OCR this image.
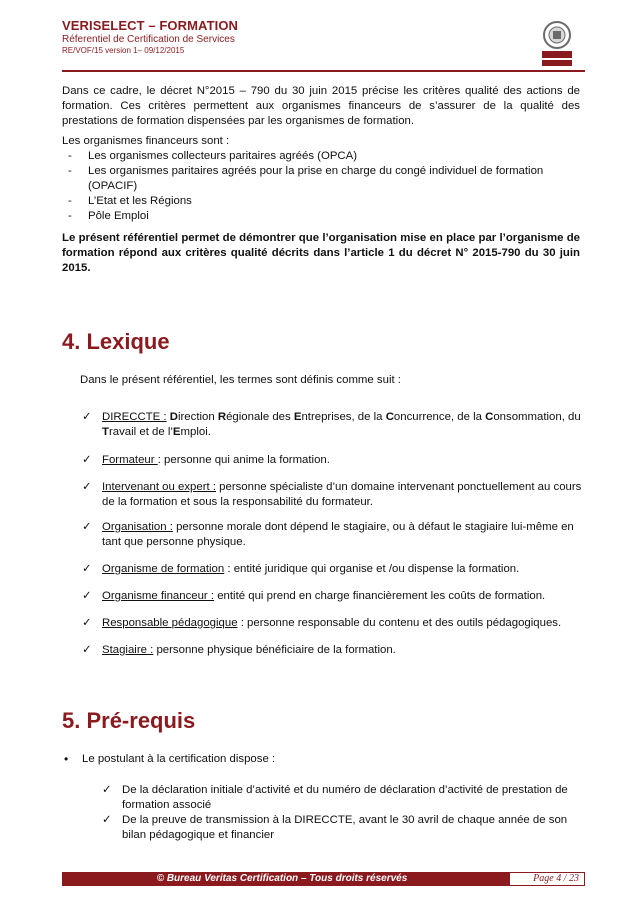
VERISELECT – FORMATION
Réferentiel de Certification de Services
RE/VOF/15 version 1– 09/12/2015
Dans ce cadre, le décret N°2015 – 790 du 30 juin 2015 précise les critères qualité des actions de formation. Ces critères permettent aux organismes financeurs de s’assurer de la qualité des prestations de formation dispensées par les organismes de formation.
Les organismes financeurs sont :
- Les organismes collecteurs paritaires agréés (OPCA)
- Les organismes paritaires agréés pour la prise en charge du congé individuel de formation (OPACIF)
- L’Etat et les Régions
- Pôle Emploi
Le présent référentiel permet de démontrer que l’organisation mise en place par l’organisme de formation répond aux critères qualité décrits dans l’article 1 du décret N° 2015-790 du 30 juin 2015.
4. Lexique
Dans le présent référentiel, les termes sont définis comme suit :
✓ DIRECCTE : Direction Régionale des Entreprises, de la Concurrence, de la Consommation, du Travail et de l’Emploi.
✓ Formateur : personne qui anime la formation.
✓ Intervenant ou expert : personne spécialiste d’un domaine intervenant ponctuellement au cours de la formation et sous la responsabilité du formateur.
✓ Organisation : personne morale dont dépend le stagiaire, ou à défaut le stagiaire lui-même en tant que personne physique.
✓ Organisme de formation : entité juridique qui organise et /ou dispense la formation.
✓ Organisme financeur : entité qui prend en charge financièrement les coûts de formation.
✓ Responsable pédagogique : personne responsable du contenu et des outils pédagogiques.
✓ Stagiaire : personne physique bénéficiaire de la formation.
5. Pré-requis
• Le postulant à la certification dispose :
✓ De la déclaration initiale d’activité et du numéro de déclaration d’activité de prestation de formation associé
✓ De la preuve de transmission à la DIRECCTE, avant le 30 avril de chaque année de son bilan pédagogique et financier
© Bureau Veritas Certification – Tous droits réservés	Page 4 / 23
